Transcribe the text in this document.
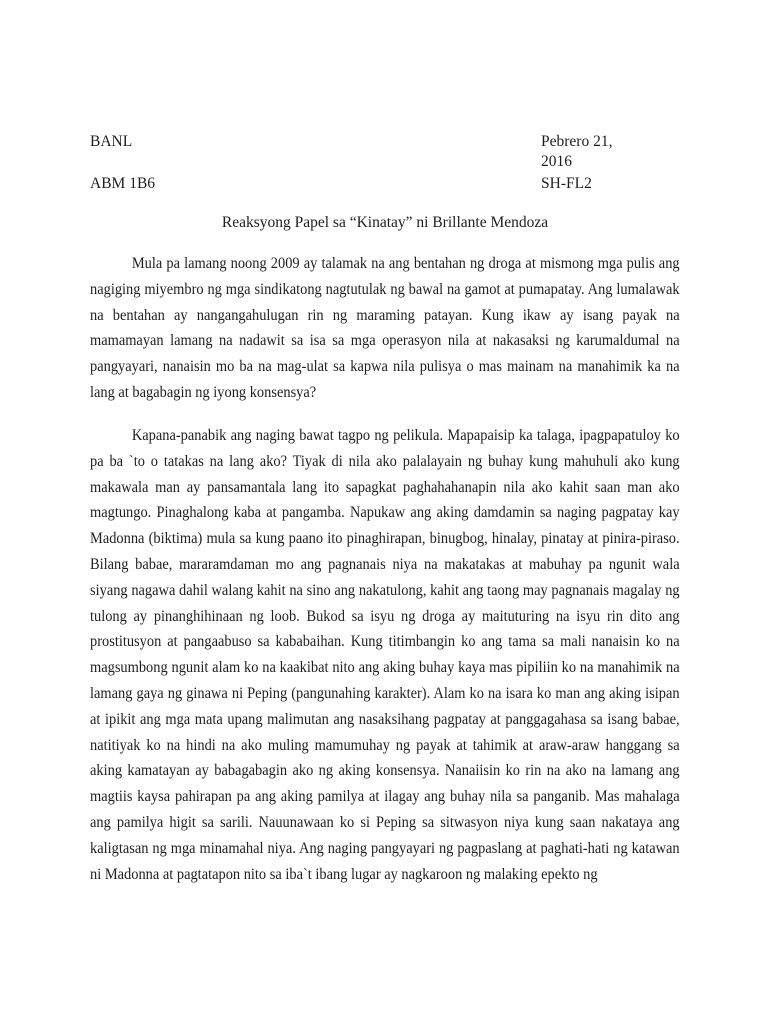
BANL	Pebrero 21, 2016
ABM 1B6	SH-FL2
Reaksyong Papel sa “Kinatay” ni Brillante Mendoza

Mula pa lamang noong 2009 ay talamak na ang bentahan ng droga at mismong mga pulis ang nagiging miyembro ng mga sindikatong nagtutulak ng bawal na gamot at pumapatay. Ang lumalawak na bentahan ay nangangahulugan rin ng maraming patayan. Kung ikaw ay isang payak na mamamayan lamang na nadawit sa isa sa mga operasyon nila at nakasaksi ng karumaldumal na pangyayari, nanaisin mo ba na mag-ulat sa kapwa nila pulisya o mas mainam na manahimik ka na lang at bagabagin ng iyong konsensya?

Kapana-panabik ang naging bawat tagpo ng pelikula. Mapapaisip ka talaga, ipagpapatuloy ko pa ba `to o tatakas na lang ako? Tiyak di nila ako palalayain ng buhay kung mahuhuli ako kung makawala man ay pansamantala lang ito sapagkat paghahahanapin nila ako kahit saan man ako magtungo. Pinaghalong kaba at pangamba. Napukaw ang aking damdamin sa naging pagpatay kay Madonna (biktima) mula sa kung paano ito pinaghirapan, binugbog, hinalay, pinatay at pinira-piraso. Bilang babae, mararamdaman mo ang pagnanais niya na makatakas at mabuhay pa ngunit wala siyang nagawa dahil walang kahit na sino ang nakatulong, kahit ang taong may pagnanais magalay ng tulong ay pinanghihinaan ng loob. Bukod sa isyu ng droga ay maituturing na isyu rin dito ang prostitusyon at pangaabuso sa kababaihan. Kung titimbangin ko ang tama sa mali nanaisin ko na magsumbong ngunit alam ko na kaakibat nito ang aking buhay kaya mas pipiliin ko na manahimik na lamang gaya ng ginawa ni Peping (pangunahing karakter). Alam ko na isara ko man ang aking isipan at ipikit ang mga mata upang malimutan ang nasaksihang pagpatay at panggagahasa sa isang babae, natitiyak ko na hindi na ako muling mamumuhay ng payak at tahimik at araw-araw hanggang sa aking kamatayan ay babagabagin ako ng aking konsensya. Nanaiisin ko rin na ako na lamang ang magtiis kaysa pahirapan pa ang aking pamilya at ilagay ang buhay nila sa panganib. Mas mahalaga ang pamilya higit sa sarili. Nauunawaan ko si Peping sa sitwasyon niya kung saan nakataya ang kaligtasan ng mga minamahal niya. Ang naging pangyayari ng pagpaslang at paghati-hati ng katawan ni Madonna at pagtatapon nito sa iba`t ibang lugar ay nagkaroon ng malaking epekto ng
